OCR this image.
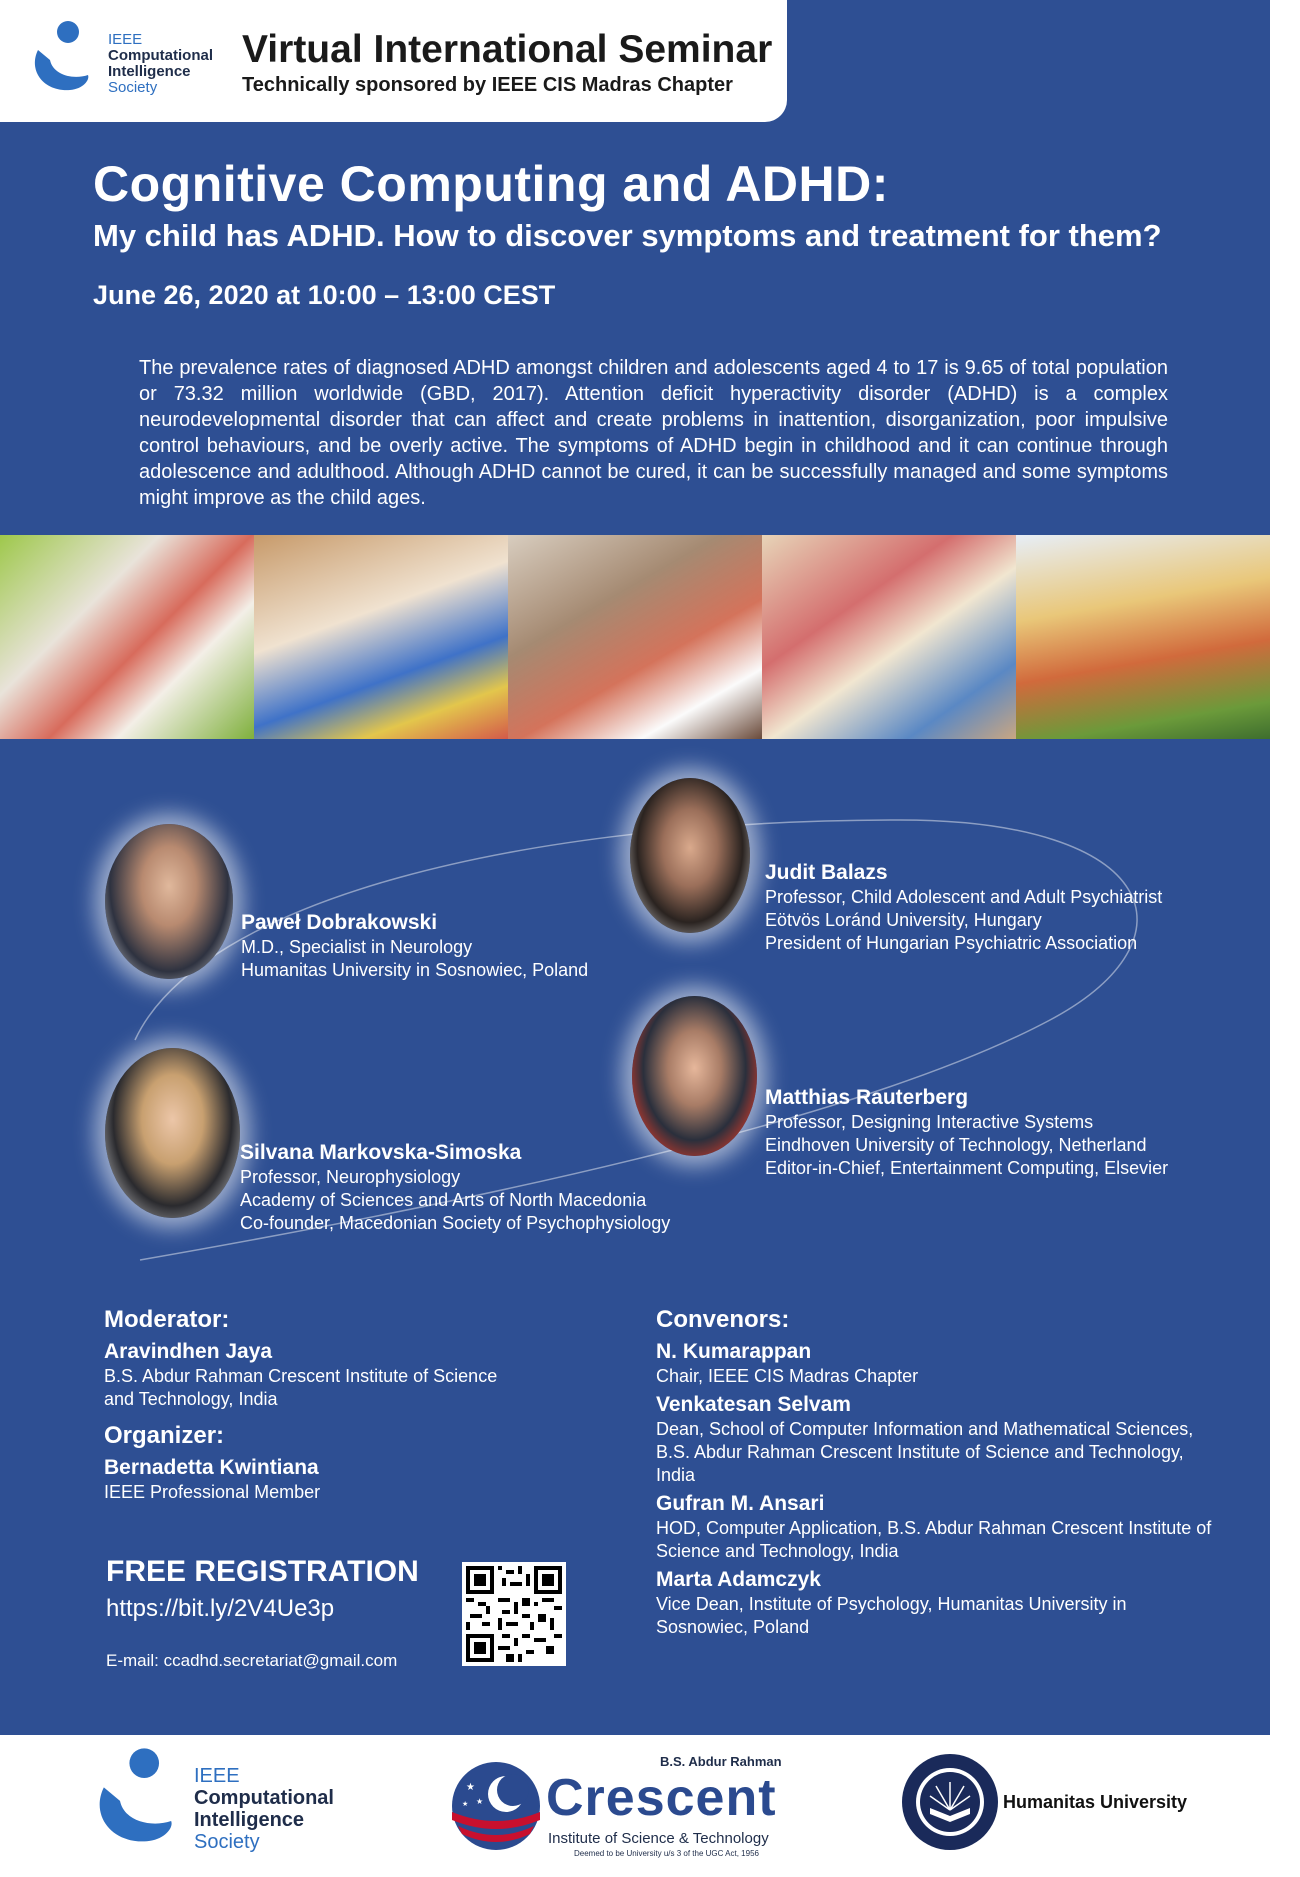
IEEE
Computational
Intelligence
Society
Virtual International Seminar
Technically sponsored by IEEE CIS Madras Chapter
Cognitive Computing and ADHD:
My child has ADHD. How to discover symptoms and treatment for them?
June 26, 2020 at 10:00 – 13:00 CEST
The prevalence rates of diagnosed ADHD amongst children and adolescents aged 4 to 17 is 9.65 of total population or 73.32 million worldwide (GBD, 2017). Attention deficit hyperactivity disorder (ADHD) is a complex neurodevelopmental disorder that can affect and create problems in inattention, disorganization, poor impulsive control behaviours, and be overly active. The symptoms of ADHD begin in childhood and it can continue through adolescence and adulthood. Although ADHD cannot be cured, it can be successfully managed and some symptoms might improve as the child ages.
Paweł Dobrakowski
M.D., Specialist in Neurology
Humanitas University in Sosnowiec, Poland
Judit Balazs
Professor, Child Adolescent and Adult Psychiatrist
Eötvös Loránd University, Hungary
President of Hungarian Psychiatric Association
Matthias Rauterberg
Professor, Designing Interactive Systems
Eindhoven University of Technology, Netherland
Editor-in-Chief, Entertainment Computing, Elsevier
Silvana Markovska-Simoska
Professor, Neurophysiology
Academy of Sciences and Arts of North Macedonia
Co-founder, Macedonian Society of Psychophysiology
Moderator:
Aravindhen Jaya
B.S. Abdur Rahman Crescent Institute of Science and Technology, India
Organizer:
Bernadetta Kwintiana
IEEE Professional Member
Convenors:
N. Kumarappan
Chair, IEEE CIS Madras Chapter
Venkatesan Selvam
Dean, School of Computer Information and Mathematical Sciences, B.S. Abdur Rahman Crescent Institute of Science and Technology, India
Gufran M. Ansari
HOD, Computer Application, B.S. Abdur Rahman Crescent Institute of Science and Technology, India
Marta Adamczyk
Vice Dean, Institute of Psychology, Humanitas University in Sosnowiec, Poland
FREE REGISTRATION
https://bit.ly/2V4Ue3p
E-mail: ccadhd.secretariat@gmail.com
IEEE
Computational
Intelligence
Society
★
★
★
B.S. Abdur Rahman
Crescent
Institute of Science & Technology
Deemed to be University u/s 3 of the UGC Act, 1956
Humanitas University
